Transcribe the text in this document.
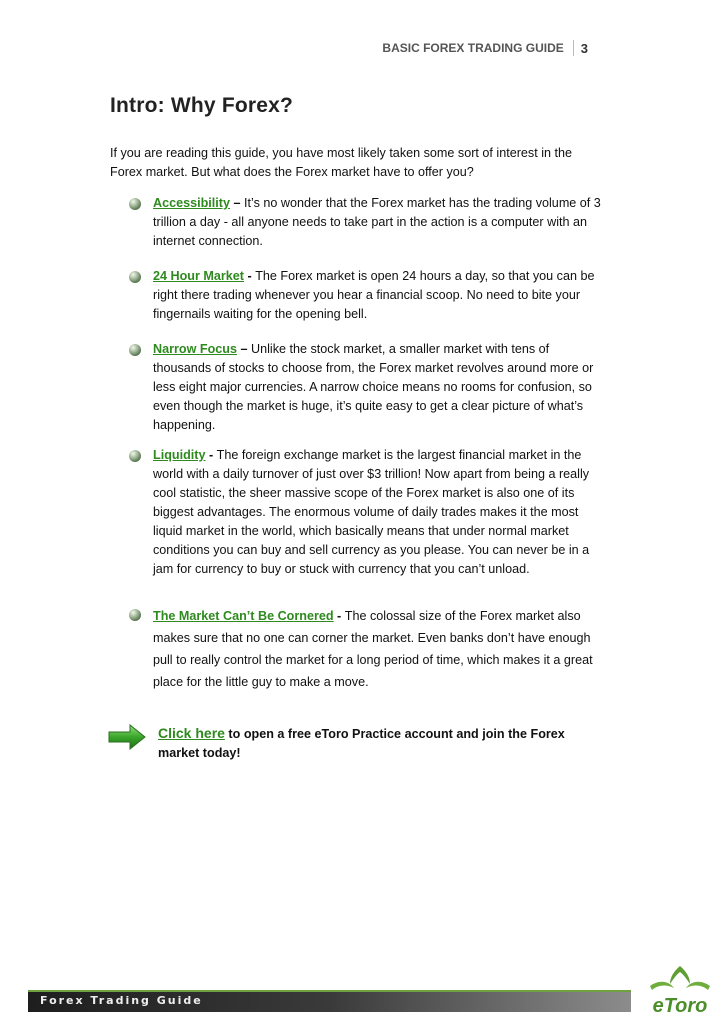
BASIC FOREX TRADING GUIDE	3
Intro: Why Forex?

If you are reading this guide, you have most likely taken some sort of interest in the Forex market. But what does the Forex market have to offer you?

Accessibility – It’s no wonder that the Forex market has the trading volume of 3 trillion a day - all anyone needs to take part in the action is a computer with an internet connection.
24 Hour Market - The Forex market is open 24 hours a day, so that you can be right there trading whenever you hear a financial scoop. No need to bite your fingernails waiting for the opening bell.
Narrow Focus – Unlike the stock market, a smaller market with tens of thousands of stocks to choose from, the Forex market revolves around more or less eight major currencies. A narrow choice means no rooms for confusion, so even though the market is huge, it’s quite easy to get a clear picture of what’s happening.
Liquidity - The foreign exchange market is the largest financial market in the world with a daily turnover of just over $3 trillion! Now apart from being a really cool statistic, the sheer massive scope of the Forex market is also one of its biggest advantages. The enormous volume of daily trades makes it the most liquid market in the world, which basically means that under normal market conditions you can buy and sell currency as you please. You can never be in a jam for currency to buy or stuck with currency that you can’t unload.
The Market Can’t Be Cornered - The colossal size of the Forex market also makes sure that no one can corner the market. Even banks don’t have enough pull to really control the market for a long period of time, which makes it a great place for the little guy to make a move.
Click here to open a free eToro Practice account and join the Forex market today!
Forex Trading Guide	eToro
